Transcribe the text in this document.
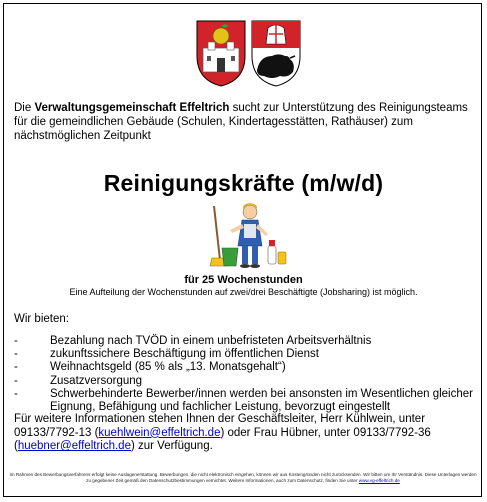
Die Verwaltungsgemeinschaft Effeltrich sucht zur Unterstützung des Reinigungsteams für die gemeindlichen Gebäude (Schulen, Kindertagesstätten, Rathäuser) zum nächstmöglichen Zeitpunkt
Reinigungskräfte (m/w/d)
für 25 Wochenstunden
Eine Aufteilung der Wochenstunden auf zwei/drei Beschäftigte (Jobsharing) ist möglich.
Wir bieten:
-	Bezahlung nach TVÖD in einem unbefristeten Arbeitsverhältnis
-	zukunftssichere Beschäftigung im öffentlichen Dienst
-	Weihnachtsgeld (85 % als „13. Monatsgehalt“)
-	Zusatzversorgung
-	Schwerbehinderte Bewerber/innen werden bei ansonsten im Wesentlichen gleicher Eignung, Befähigung und fachlicher Leistung, bevorzugt eingestellt
Für weitere Informationen stehen Ihnen der Geschäftsleiter, Herr Kühlwein, unter 09133/7792-13 (kuehlwein@effeltrich.de) oder Frau Hübner, unter 09133/7792-36 (huebner@effeltrich.de) zur Verfügung.
Im Rahmen des Bewerbungsverfahrens erfolgt keine Auslagenerstattung. Bewerbungen, die nicht elektronisch eingehen, können wir aus Kostengründen nicht zurücksenden. Wir bitten um Ihr Verständnis. Diese Unterlagen werden zu gegebener Zeit gemäß den Datenschutzbestimmungen vernichtet. Weitere Informationen, auch zum Datenschutz, finden Sie unter www.vg-effeltrich.de
